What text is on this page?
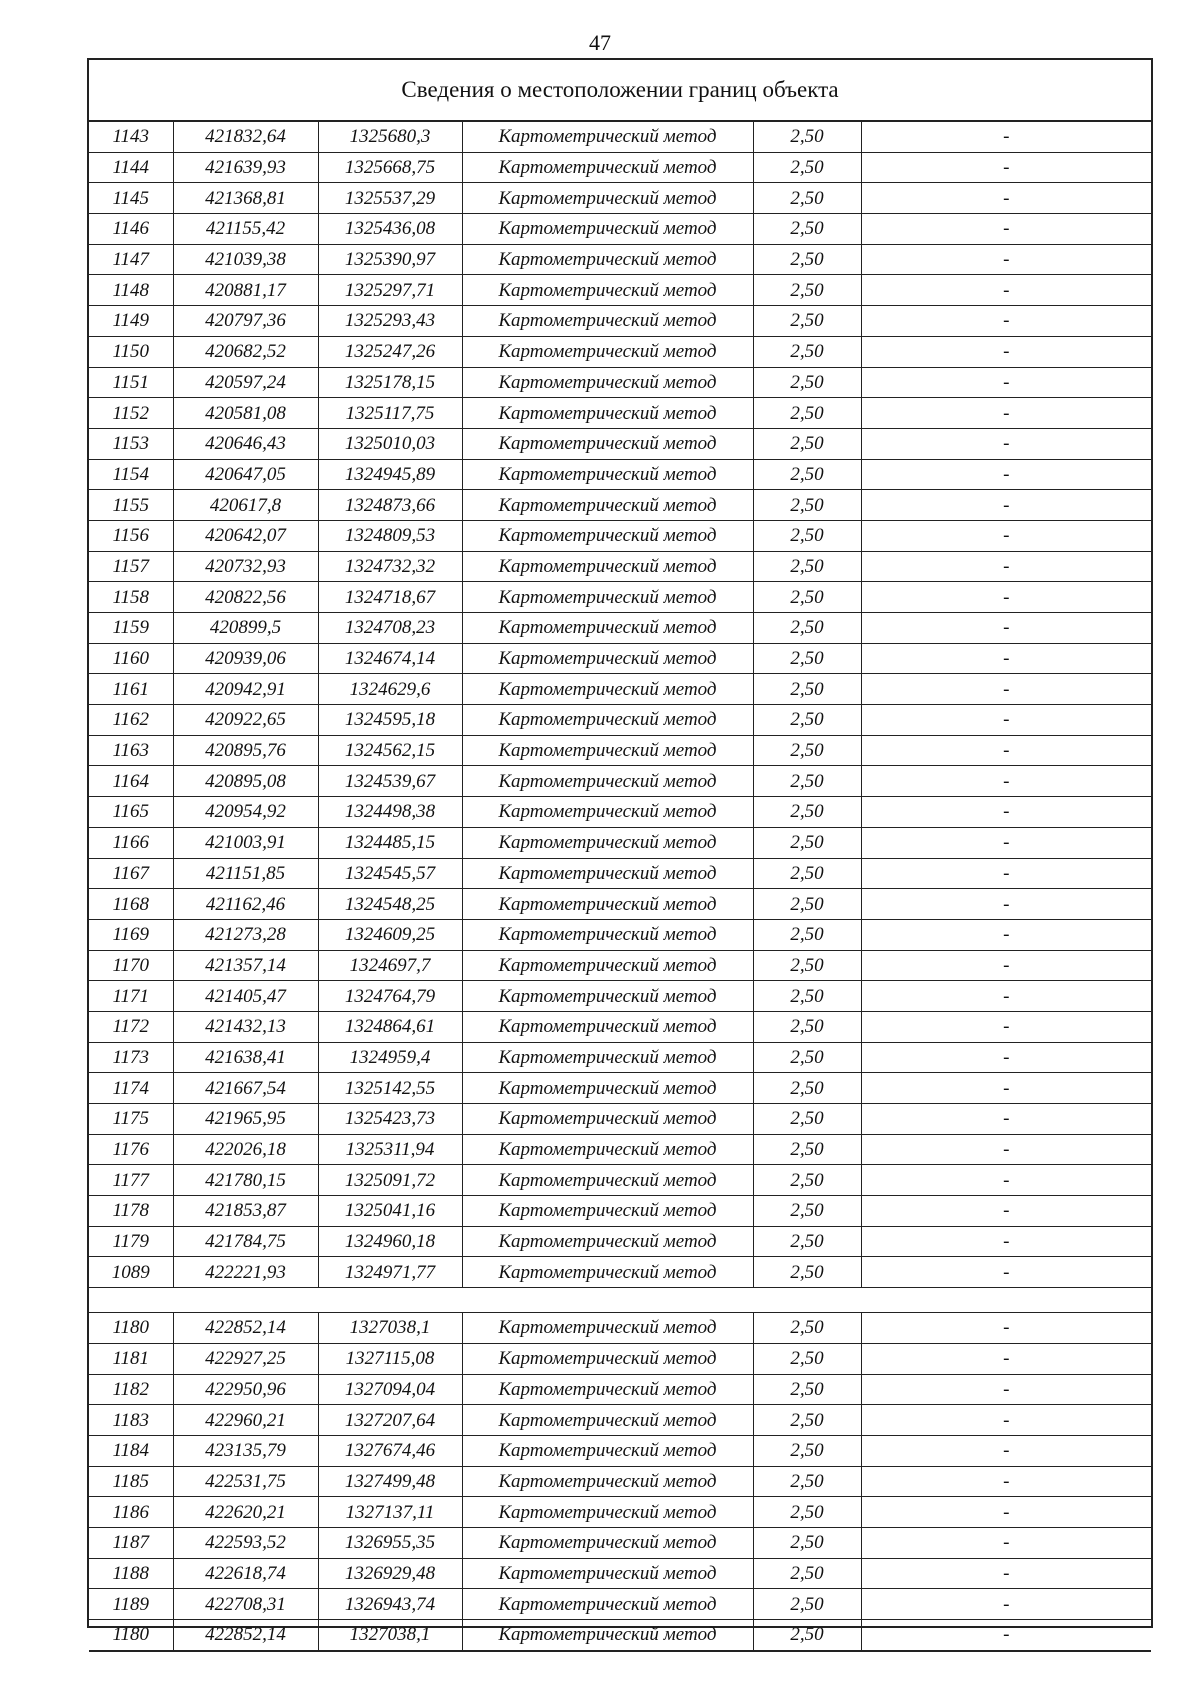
47
Сведения о местоположении границ объекта
1143	421832,64	1325680,3	Картометрический метод	2,50	-
1144	421639,93	1325668,75	Картометрический метод	2,50	-
1145	421368,81	1325537,29	Картометрический метод	2,50	-
1146	421155,42	1325436,08	Картометрический метод	2,50	-
1147	421039,38	1325390,97	Картометрический метод	2,50	-
1148	420881,17	1325297,71	Картометрический метод	2,50	-
1149	420797,36	1325293,43	Картометрический метод	2,50	-
1150	420682,52	1325247,26	Картометрический метод	2,50	-
1151	420597,24	1325178,15	Картометрический метод	2,50	-
1152	420581,08	1325117,75	Картометрический метод	2,50	-
1153	420646,43	1325010,03	Картометрический метод	2,50	-
1154	420647,05	1324945,89	Картометрический метод	2,50	-
1155	420617,8	1324873,66	Картометрический метод	2,50	-
1156	420642,07	1324809,53	Картометрический метод	2,50	-
1157	420732,93	1324732,32	Картометрический метод	2,50	-
1158	420822,56	1324718,67	Картометрический метод	2,50	-
1159	420899,5	1324708,23	Картометрический метод	2,50	-
1160	420939,06	1324674,14	Картометрический метод	2,50	-
1161	420942,91	1324629,6	Картометрический метод	2,50	-
1162	420922,65	1324595,18	Картометрический метод	2,50	-
1163	420895,76	1324562,15	Картометрический метод	2,50	-
1164	420895,08	1324539,67	Картометрический метод	2,50	-
1165	420954,92	1324498,38	Картометрический метод	2,50	-
1166	421003,91	1324485,15	Картометрический метод	2,50	-
1167	421151,85	1324545,57	Картометрический метод	2,50	-
1168	421162,46	1324548,25	Картометрический метод	2,50	-
1169	421273,28	1324609,25	Картометрический метод	2,50	-
1170	421357,14	1324697,7	Картометрический метод	2,50	-
1171	421405,47	1324764,79	Картометрический метод	2,50	-
1172	421432,13	1324864,61	Картометрический метод	2,50	-
1173	421638,41	1324959,4	Картометрический метод	2,50	-
1174	421667,54	1325142,55	Картометрический метод	2,50	-
1175	421965,95	1325423,73	Картометрический метод	2,50	-
1176	422026,18	1325311,94	Картометрический метод	2,50	-
1177	421780,15	1325091,72	Картометрический метод	2,50	-
1178	421853,87	1325041,16	Картометрический метод	2,50	-
1179	421784,75	1324960,18	Картометрический метод	2,50	-
1089	422221,93	1324971,77	Картометрический метод	2,50	-

1180	422852,14	1327038,1	Картометрический метод	2,50	-
1181	422927,25	1327115,08	Картометрический метод	2,50	-
1182	422950,96	1327094,04	Картометрический метод	2,50	-
1183	422960,21	1327207,64	Картометрический метод	2,50	-
1184	423135,79	1327674,46	Картометрический метод	2,50	-
1185	422531,75	1327499,48	Картометрический метод	2,50	-
1186	422620,21	1327137,11	Картометрический метод	2,50	-
1187	422593,52	1326955,35	Картометрический метод	2,50	-
1188	422618,74	1326929,48	Картометрический метод	2,50	-
1189	422708,31	1326943,74	Картометрический метод	2,50	-
1180	422852,14	1327038,1	Картометрический метод	2,50	-
